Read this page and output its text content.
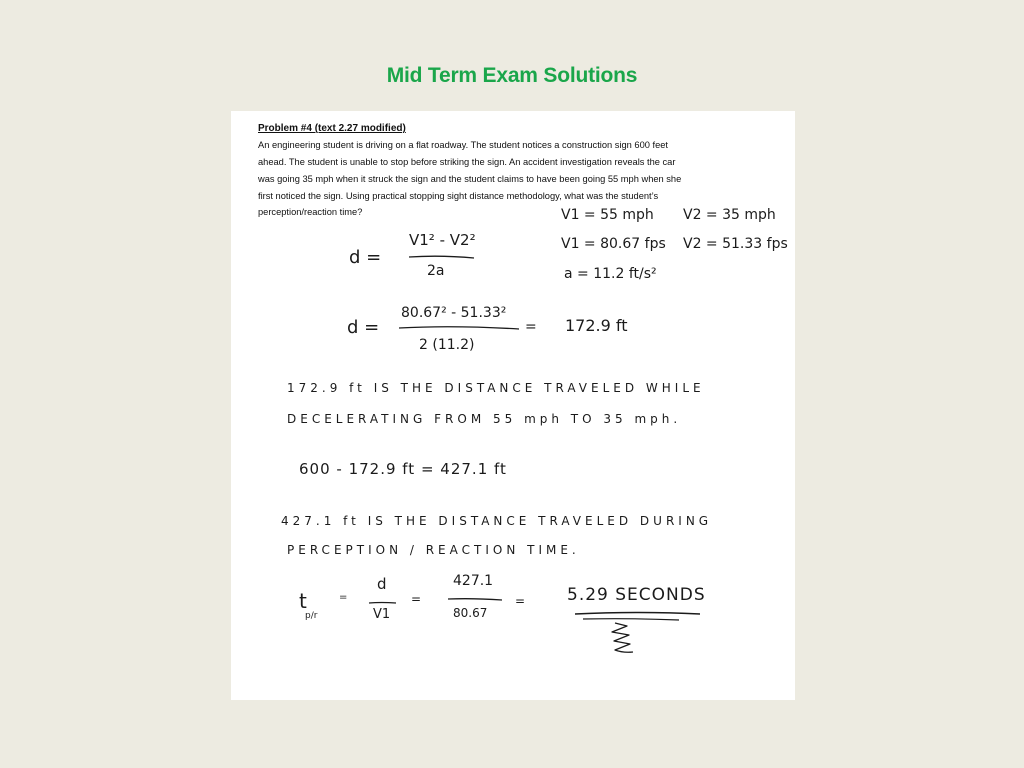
Mid Term Exam Solutions
Problem #4 (text 2.27 modified)
An engineering student is driving on a flat roadway. The student notices a construction sign 600 feet
ahead. The student is unable to stop before striking the sign. An accident investigation reveals the car
was going 35 mph when it struck the sign and the student claims to have been going 55 mph when she
first noticed the sign. Using practical stopping sight distance methodology, what was the student’s
perception/reaction time?	V1 = 55 mph V2 = 35 mph
V1 = 80.67 fps V2 = 51.33 fps
a = 11.2 ft/s²
d =
V1² - V2²
2a
d =
80.67² - 51.33²
2 (11.2)
= 172.9 ft
172.9 ft IS THE DISTANCE TRAVELED WHILE
DECELERATING FROM 55 mph TO 35 mph.
600 - 172.9 ft = 427.1 ft
427.1 ft IS THE DISTANCE TRAVELED DURING
PERCEPTION / REACTION TIME.
t
p/r
=
d
V1
=
427.1
80.67
= 5.29 SECONDS
